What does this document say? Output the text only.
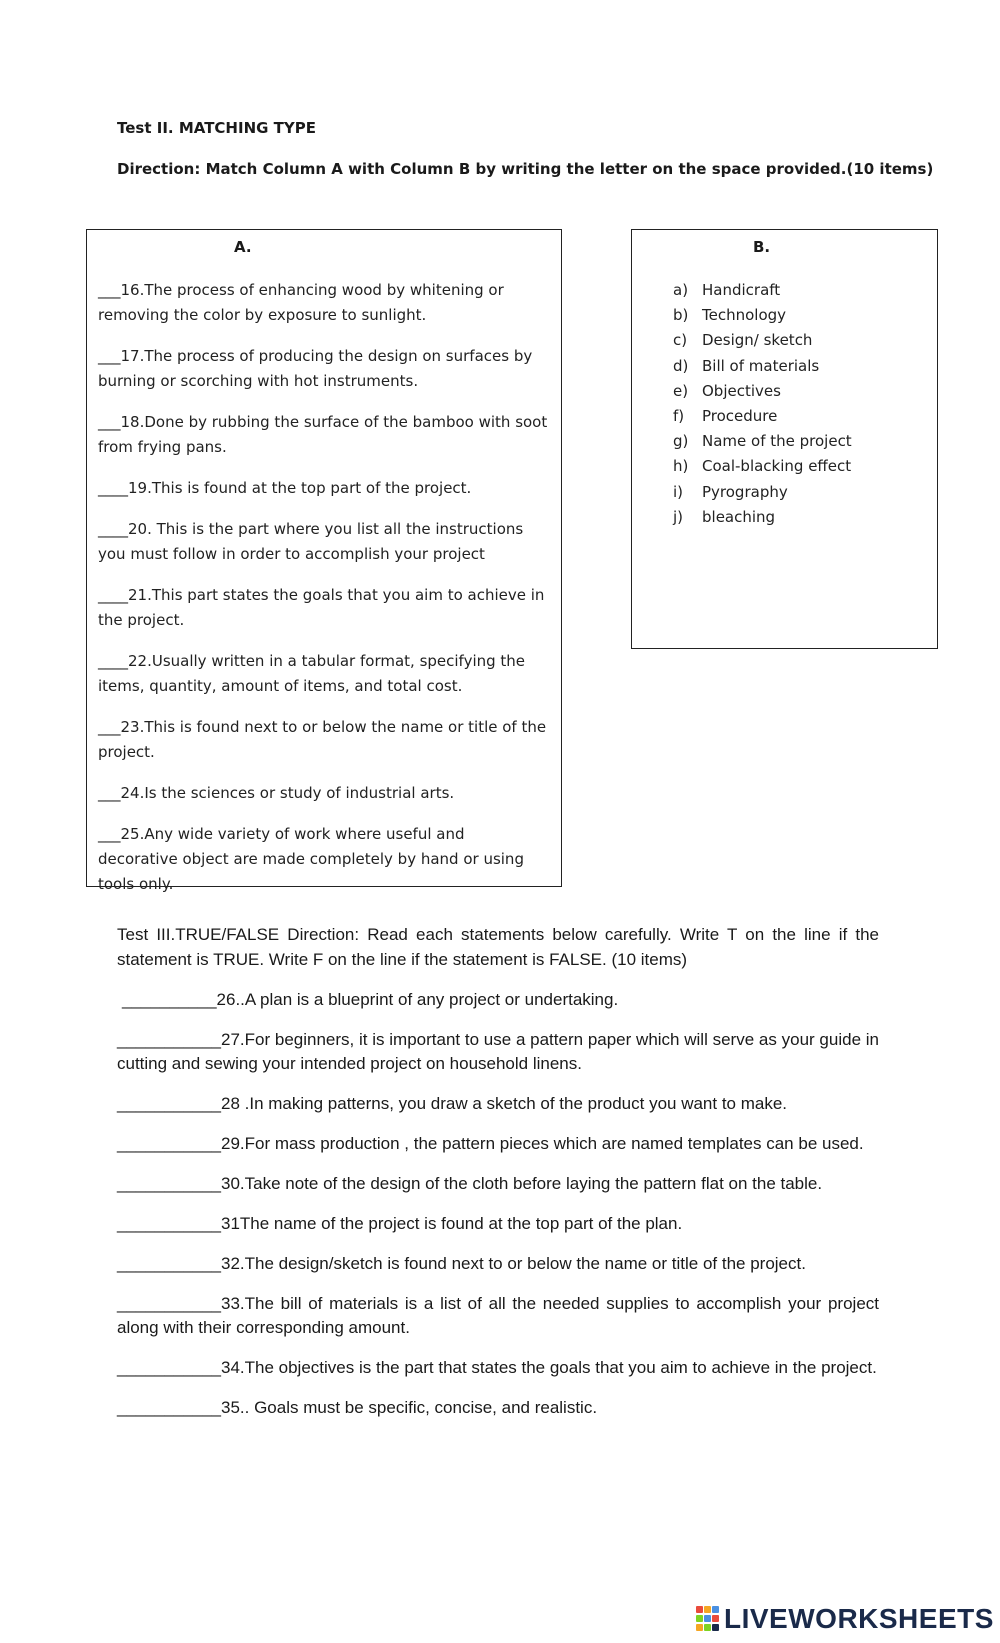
Test II. MATCHING TYPE
Direction: Match Column A with Column B by writing the letter on the space provided.(10 items)
A.
___16.The process of enhancing wood by whitening or removing the color by exposure to sunlight.
___17.The process of producing the design on surfaces by burning or scorching with hot instruments.
___18.Done by rubbing the surface of the bamboo with soot from frying pans.
____19.This is found at the top part of the project.
____20. This is the part where you list all the instructions you must follow in order to accomplish your project
____21.This part states the goals that you aim to achieve in the project.
____22.Usually written in a tabular format, specifying the items, quantity, amount of items, and total cost.
___23.This is found next to or below the name or title of the project.
___24.Is the sciences or study of industrial arts.
___25.Any wide variety of work where useful and decorative object are made completely by hand or using tools only.
B.
a) Handicraft
b) Technology
c) Design/ sketch
d) Bill of materials
e) Objectives
f)	Procedure
g) Name of the project
h) Coal-blacking effect
i)	Pyrography
j)	bleaching
Test III.TRUE/FALSE Direction: Read each statements below carefully. Write T on the line if the statement is TRUE. Write F on the line if the statement is FALSE. (10 items)
__________26..A plan is a blueprint of any project or undertaking.
___________27.For beginners, it is important to use a pattern paper which will serve as your guide in cutting and sewing your intended project on household linens.
___________28 .In making patterns, you draw a sketch of the product you want to make.
___________29.For mass production , the pattern pieces which are named templates can be used.
___________30.Take note of the design of the cloth before laying the pattern flat on the table.
___________31The name of the project is found at the top part of the plan.
___________32.The design/sketch is found next to or below the name or title of the project.
___________33.The bill of materials is a list of all the needed supplies to accomplish your project along with their corresponding amount.
___________34.The objectives is the part that states the goals that you aim to achieve in the project.
___________35.. Goals must be specific, concise, and realistic.
LIVEWORKSHEETS
